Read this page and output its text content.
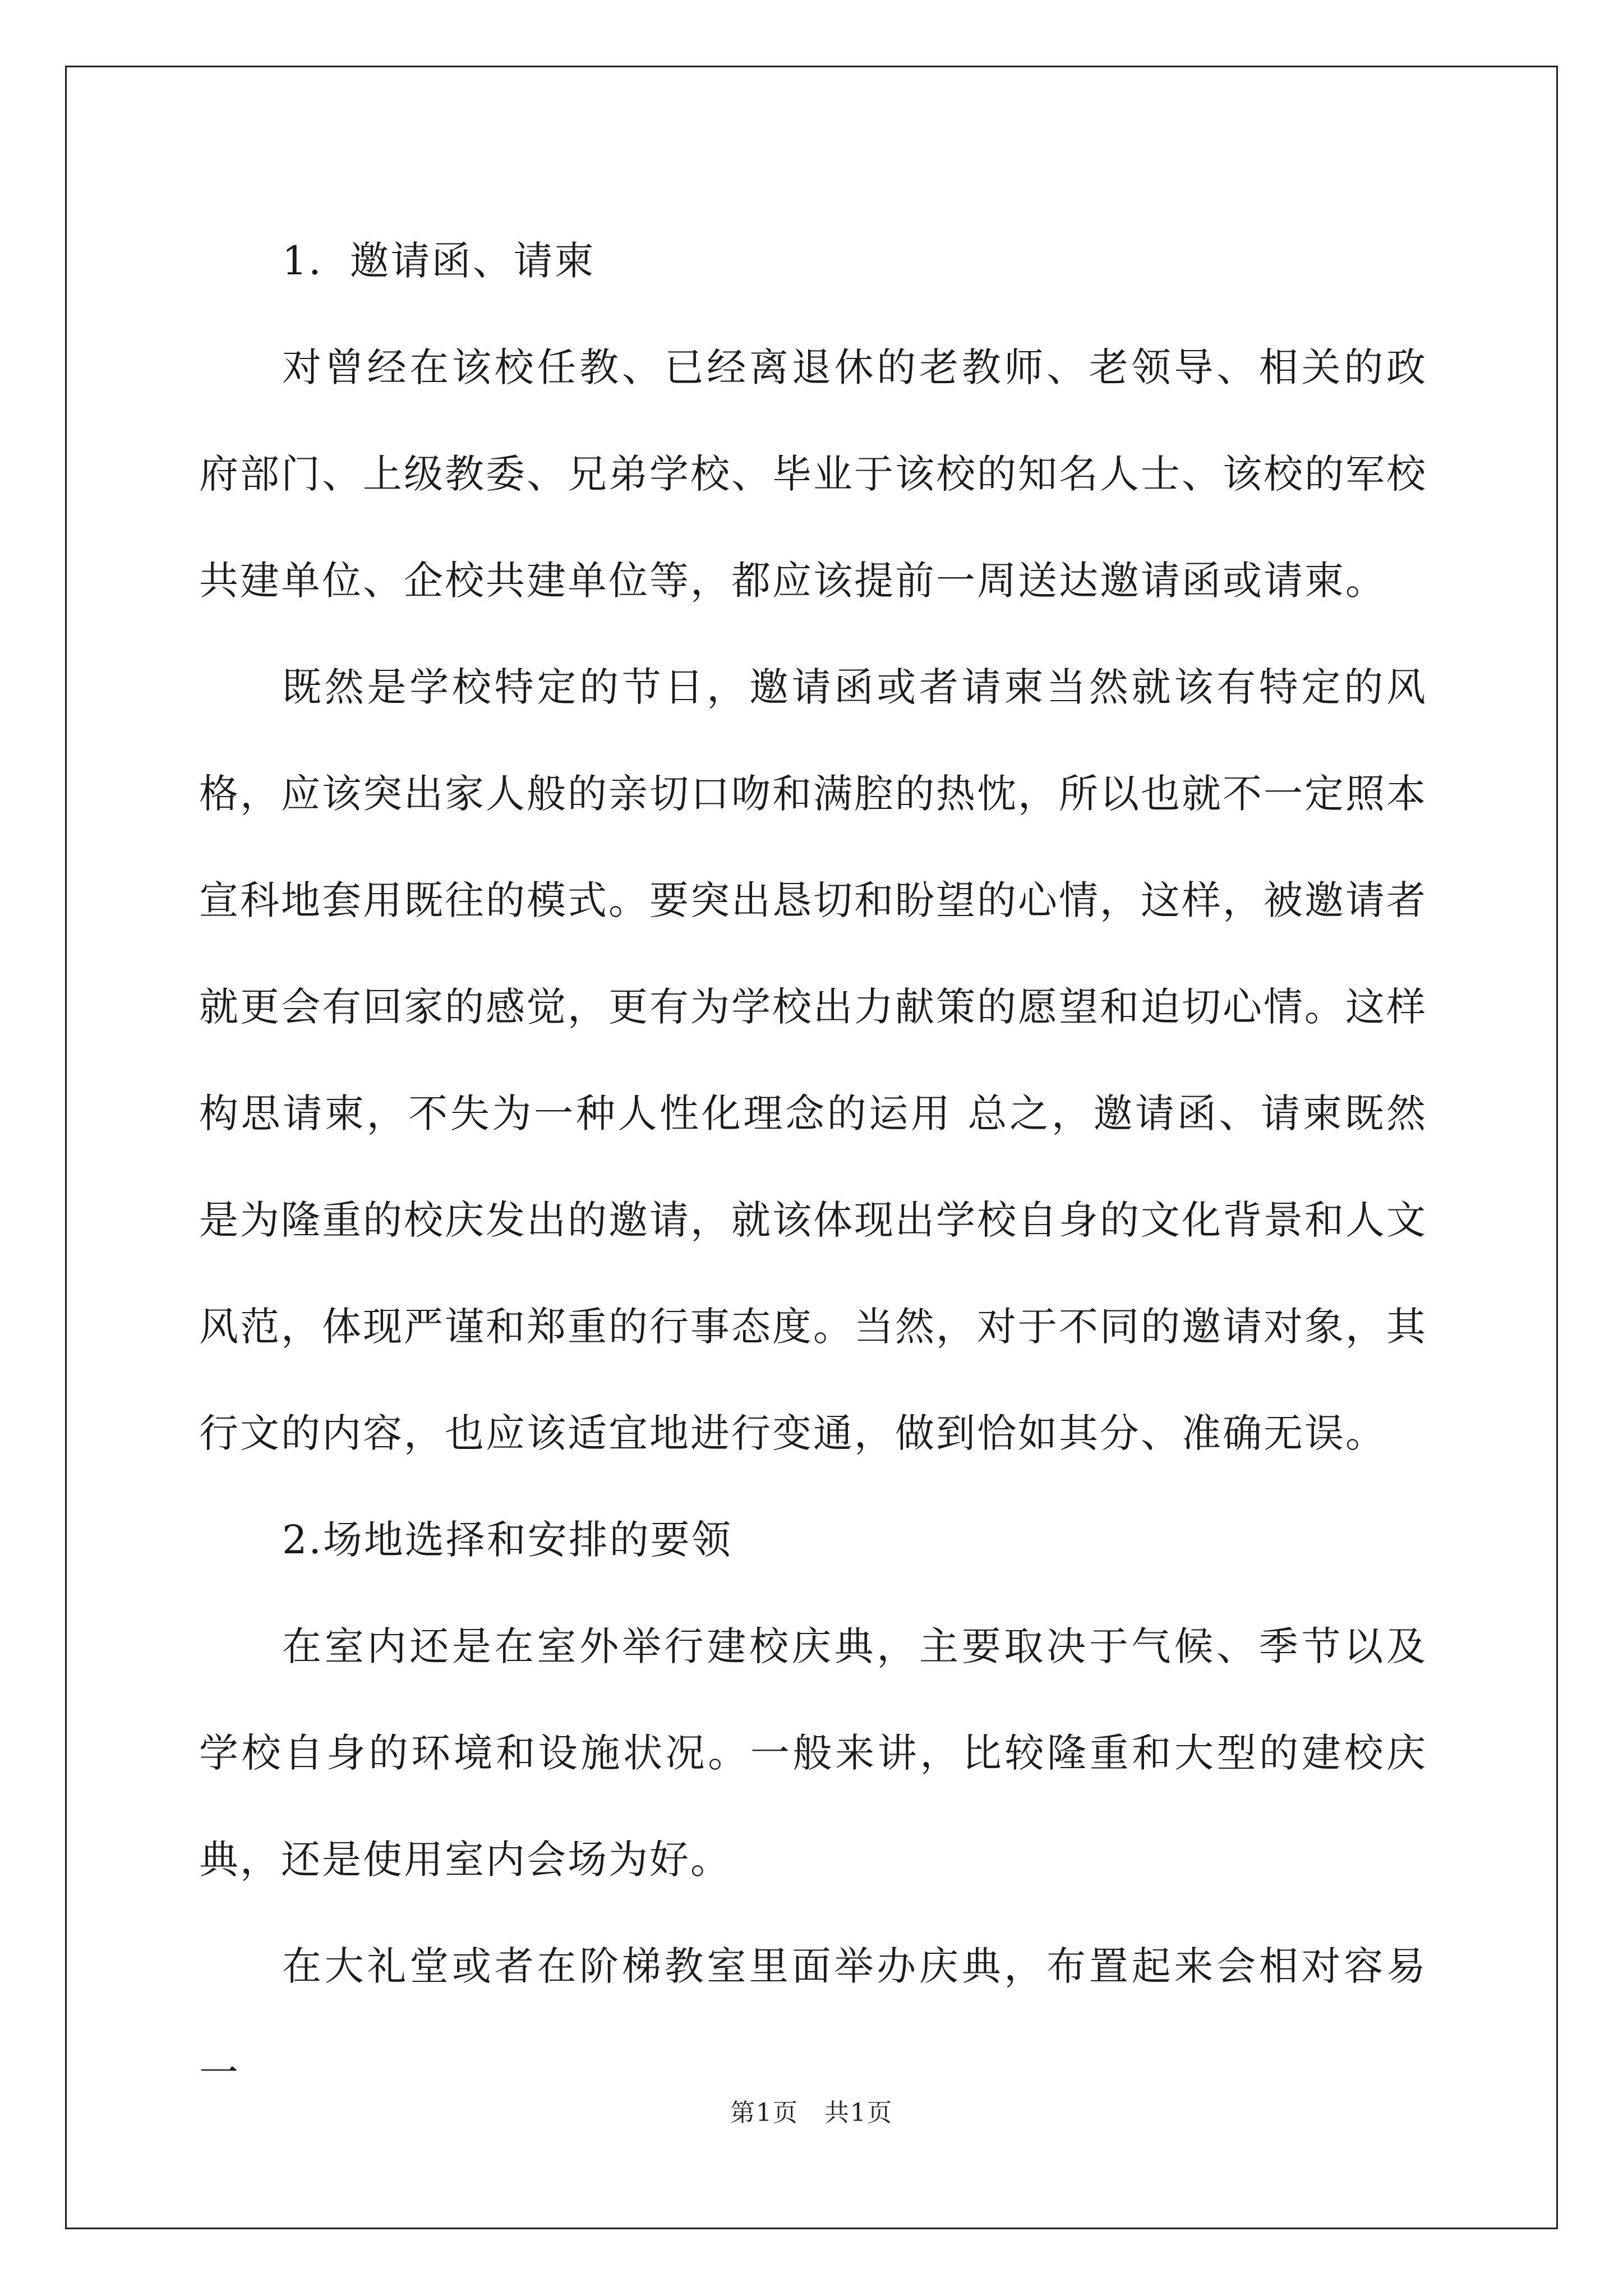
1．邀请函、请柬

对曾经在该校任教、已经离退休的老教师、老领导、相关的政府部门、上级教委、兄弟学校、毕业于该校的知名人士、该校的军校共建单位、企校共建单位等，都应该提前一周送达邀请函或请柬。

既然是学校特定的节日，邀请函或者请柬当然就该有特定的风格，应该突出家人般的亲切口吻和满腔的热忱，所以也就不一定照本宣科地套用既往的模式。要突出恳切和盼望的心情，这样，被邀请者就更会有回家的感觉，更有为学校出力献策的愿望和迫切心情。这样构思请柬，不失为一种人性化理念的运用 总之，邀请函、请柬既然是为隆重的校庆发出的邀请，就该体现出学校自身的文化背景和人文风范，体现严谨和郑重的行事态度。当然，对于不同的邀请对象，其行文的内容，也应该适宜地进行变通，做到恰如其分、准确无误。

2.场地选择和安排的要领

在室内还是在室外举行建校庆典，主要取决于气候、季节以及学校自身的环境和设施状况。一般来讲，比较隆重和大型的建校庆典，还是使用室内会场为好。

在大礼堂或者在阶梯教室里面举办庆典，布置起来会相对容易一

第1页　共1页
